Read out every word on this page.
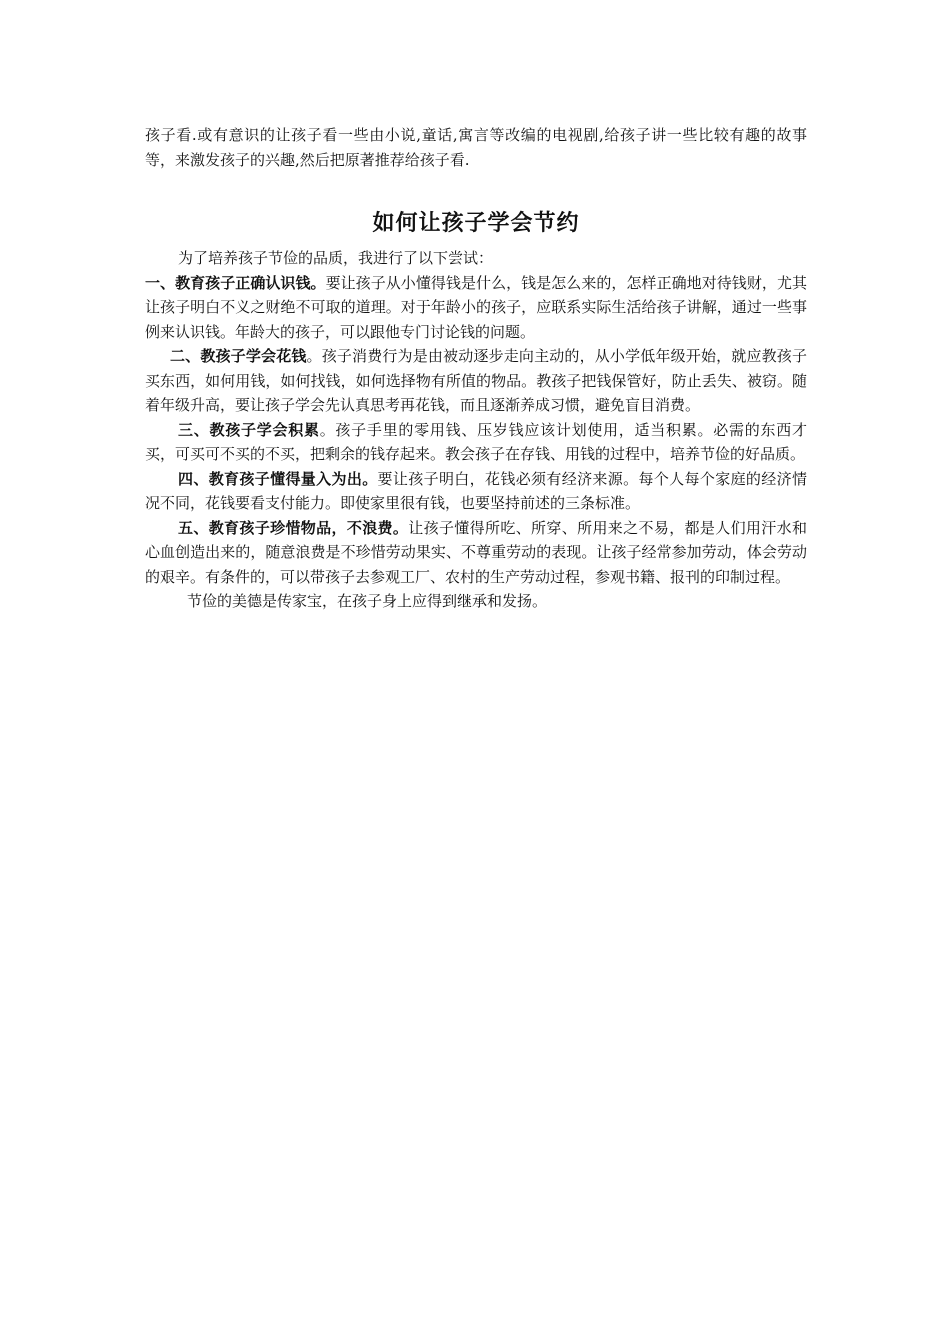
孩子看.或有意识的让孩子看一些由小说,童话,寓言等改编的电视剧,给孩子讲一些比较有趣的故事等，来激发孩子的兴趣,然后把原著推荐给孩子看.

如何让孩子学会节约

为了培养孩子节俭的品质，我进行了以下尝试：

一、教育孩子正确认识钱。要让孩子从小懂得钱是什么，钱是怎么来的，怎样正确地对待钱财，尤其让孩子明白不义之财绝不可取的道理。对于年龄小的孩子，应联系实际生活给孩子讲解，通过一些事例来认识钱。年龄大的孩子，可以跟他专门讨论钱的问题。

二、教孩子学会花钱。孩子消费行为是由被动逐步走向主动的，从小学低年级开始，就应教孩子买东西，如何用钱，如何找钱，如何选择物有所值的物品。教孩子把钱保管好，防止丢失、被窃。随着年级升高，要让孩子学会先认真思考再花钱，而且逐渐养成习惯，避免盲目消费。

三、教孩子学会积累。孩子手里的零用钱、压岁钱应该计划使用，适当积累。必需的东西才买，可买可不买的不买，把剩余的钱存起来。教会孩子在存钱、用钱的过程中，培养节俭的好品质。

四、教育孩子懂得量入为出。要让孩子明白，花钱必须有经济来源。每个人每个家庭的经济情况不同，花钱要看支付能力。即使家里很有钱，也要坚持前述的三条标准。

五、教育孩子珍惜物品，不浪费。让孩子懂得所吃、所穿、所用来之不易，都是人们用汗水和心血创造出来的，随意浪费是不珍惜劳动果实、不尊重劳动的表现。让孩子经常参加劳动，体会劳动的艰辛。有条件的，可以带孩子去参观工厂、农村的生产劳动过程，参观书籍、报刊的印制过程。

节俭的美德是传家宝，在孩子身上应得到继承和发扬。
